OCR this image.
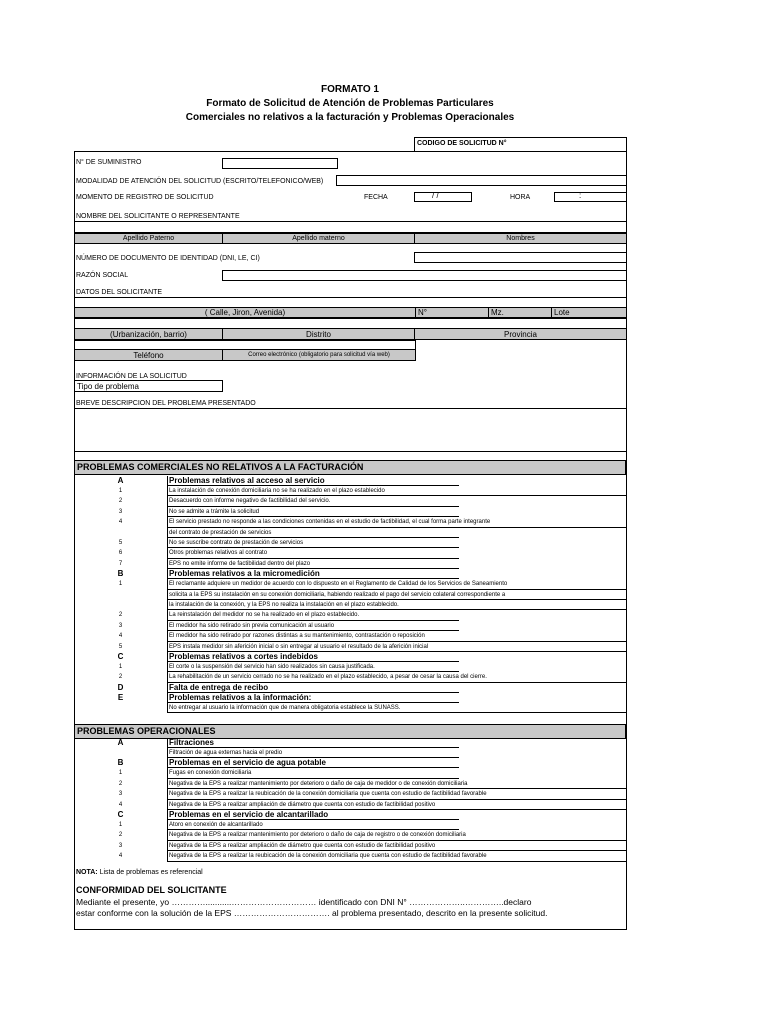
FORMATO 1
Formato de Solicitud de Atención de Problemas Particulares
Comerciales no relativos a la facturación y Problemas Operacionales
CODIGO DE SOLICITUD N°
N° DE SUMINISTRO
MODALIDAD DE ATENCIÓN DEL SOLICITUD (ESCRITO/TELEFONICO/WEB)
MOMENTO DE REGISTRO DE SOLICITUD	FECHA	/ /	HORA	:
NOMBRE DEL SOLICITANTE O REPRESENTANTE
Apellido Paterno	Apellido materno	Nombres
NÚMERO DE DOCUMENTO DE IDENTIDAD (DNI, LE, CI)
RAZÓN SOCIAL
DATOS DEL SOLICITANTE
( Calle, Jiron, Avenida)	N°	Mz.	Lote
(Urbanización, barrio)	Distrito	Provincia
Teléfono	Correo electrónico (obligatorio para solicitud vía web)
INFORMACIÓN DE LA SOLICITUD
Tipo de problema
BREVE DESCRIPCION DEL PROBLEMA PRESENTADO
PROBLEMAS COMERCIALES NO RELATIVOS A LA FACTURACIÓN
A	Problemas relativos al acceso al servicio
1	La instalación de conexión domiciliaria no se ha realizado en el plazo establecido
2	Desacuerdo con informe negativo de factibilidad del servicio.
3	No se admite a trámite la solicitud
4	El servicio prestado no responde a las condiciones contenidas en el estudio de factibilidad, el cual forma parte integrante
del contrato de prestación de servicios
5	No se suscribe contrato de prestación de servicios
6	Otros problemas relativos al contrato
7	EPS no emite informe de factibilidad dentro del plazo
B	Problemas relativos a la micromedición
1	El reclamante adquiere un medidor de acuerdo con lo dispuesto en el Reglamento de Calidad de los Servicios de Saneamiento
solicita a la EPS su instalación en su conexión domiciliaria, habiendo realizado el pago del servicio colateral correspondiente a
la instalación de la conexión, y la EPS no realiza la instalación en el plazo establecido.
2	La reinstalación del medidor no se ha realizado en el plazo establecido.
3	El medidor ha sido retirado sin previa comunicación al usuario
4	El medidor ha sido retirado por razones distintas a su mantenimiento, contrastación o reposición
5	EPS instala medidor sin aferición inicial o sin entregar al usuario el resultado de la aferición inicial
C	Problemas relativos a cortes indebidos
1	El corte o la suspensión del servicio han sido realizados sin causa justificada.
2	La rehabilitación de un servicio cerrado no se ha realizado en el plazo establecido, a pesar de cesar la causa del cierre.
D	Falta de entrega de recibo
E	Problemas relativos a la información:
No entregar al usuario la información que de manera obligatoria establece la SUNASS.
PROBLEMAS OPERACIONALES
A	Filtraciones
Filtración de agua externas hacia el predio
B	Problemas en el servicio de agua potable
1	Fugas en conexión domiciliaria
2	Negativa de la EPS a realizar mantenimiento por deterioro o daño de caja de medidor o de conexión domiciliaria
3	Negativa de la EPS a realizar la reubicación de la conexión domiciliaria que cuenta con estudio de factibilidad favorable
4	Negativa de la EPS a realizar ampliación de diámetro que cuenta con estudio de factibilidad positivo
C	Problemas en el servicio de alcantarillado
1	Atoro en conexión de alcantarillado
2	Negativa de la EPS a realizar mantenimiento por deterioro o daño de caja de registro o de conexión domiciliaria
3	Negativa de la EPS a realizar ampliación de diámetro que cuenta con estudio de factibilidad positivo
4	Negativa de la EPS a realizar la reubicación de la conexión domiciliaria que cuenta con estudio de factibilidad favorable
NOTA: Lista de problemas es referencial
CONFORMIDAD DEL SOLICITANTE
Mediante el presente, yo …………...........………………………… identificado con DNI N° ………………..…………..declaro
estar conforme con la solución de la EPS ……………………………. al problema presentado, descrito en la presente solicitud.
